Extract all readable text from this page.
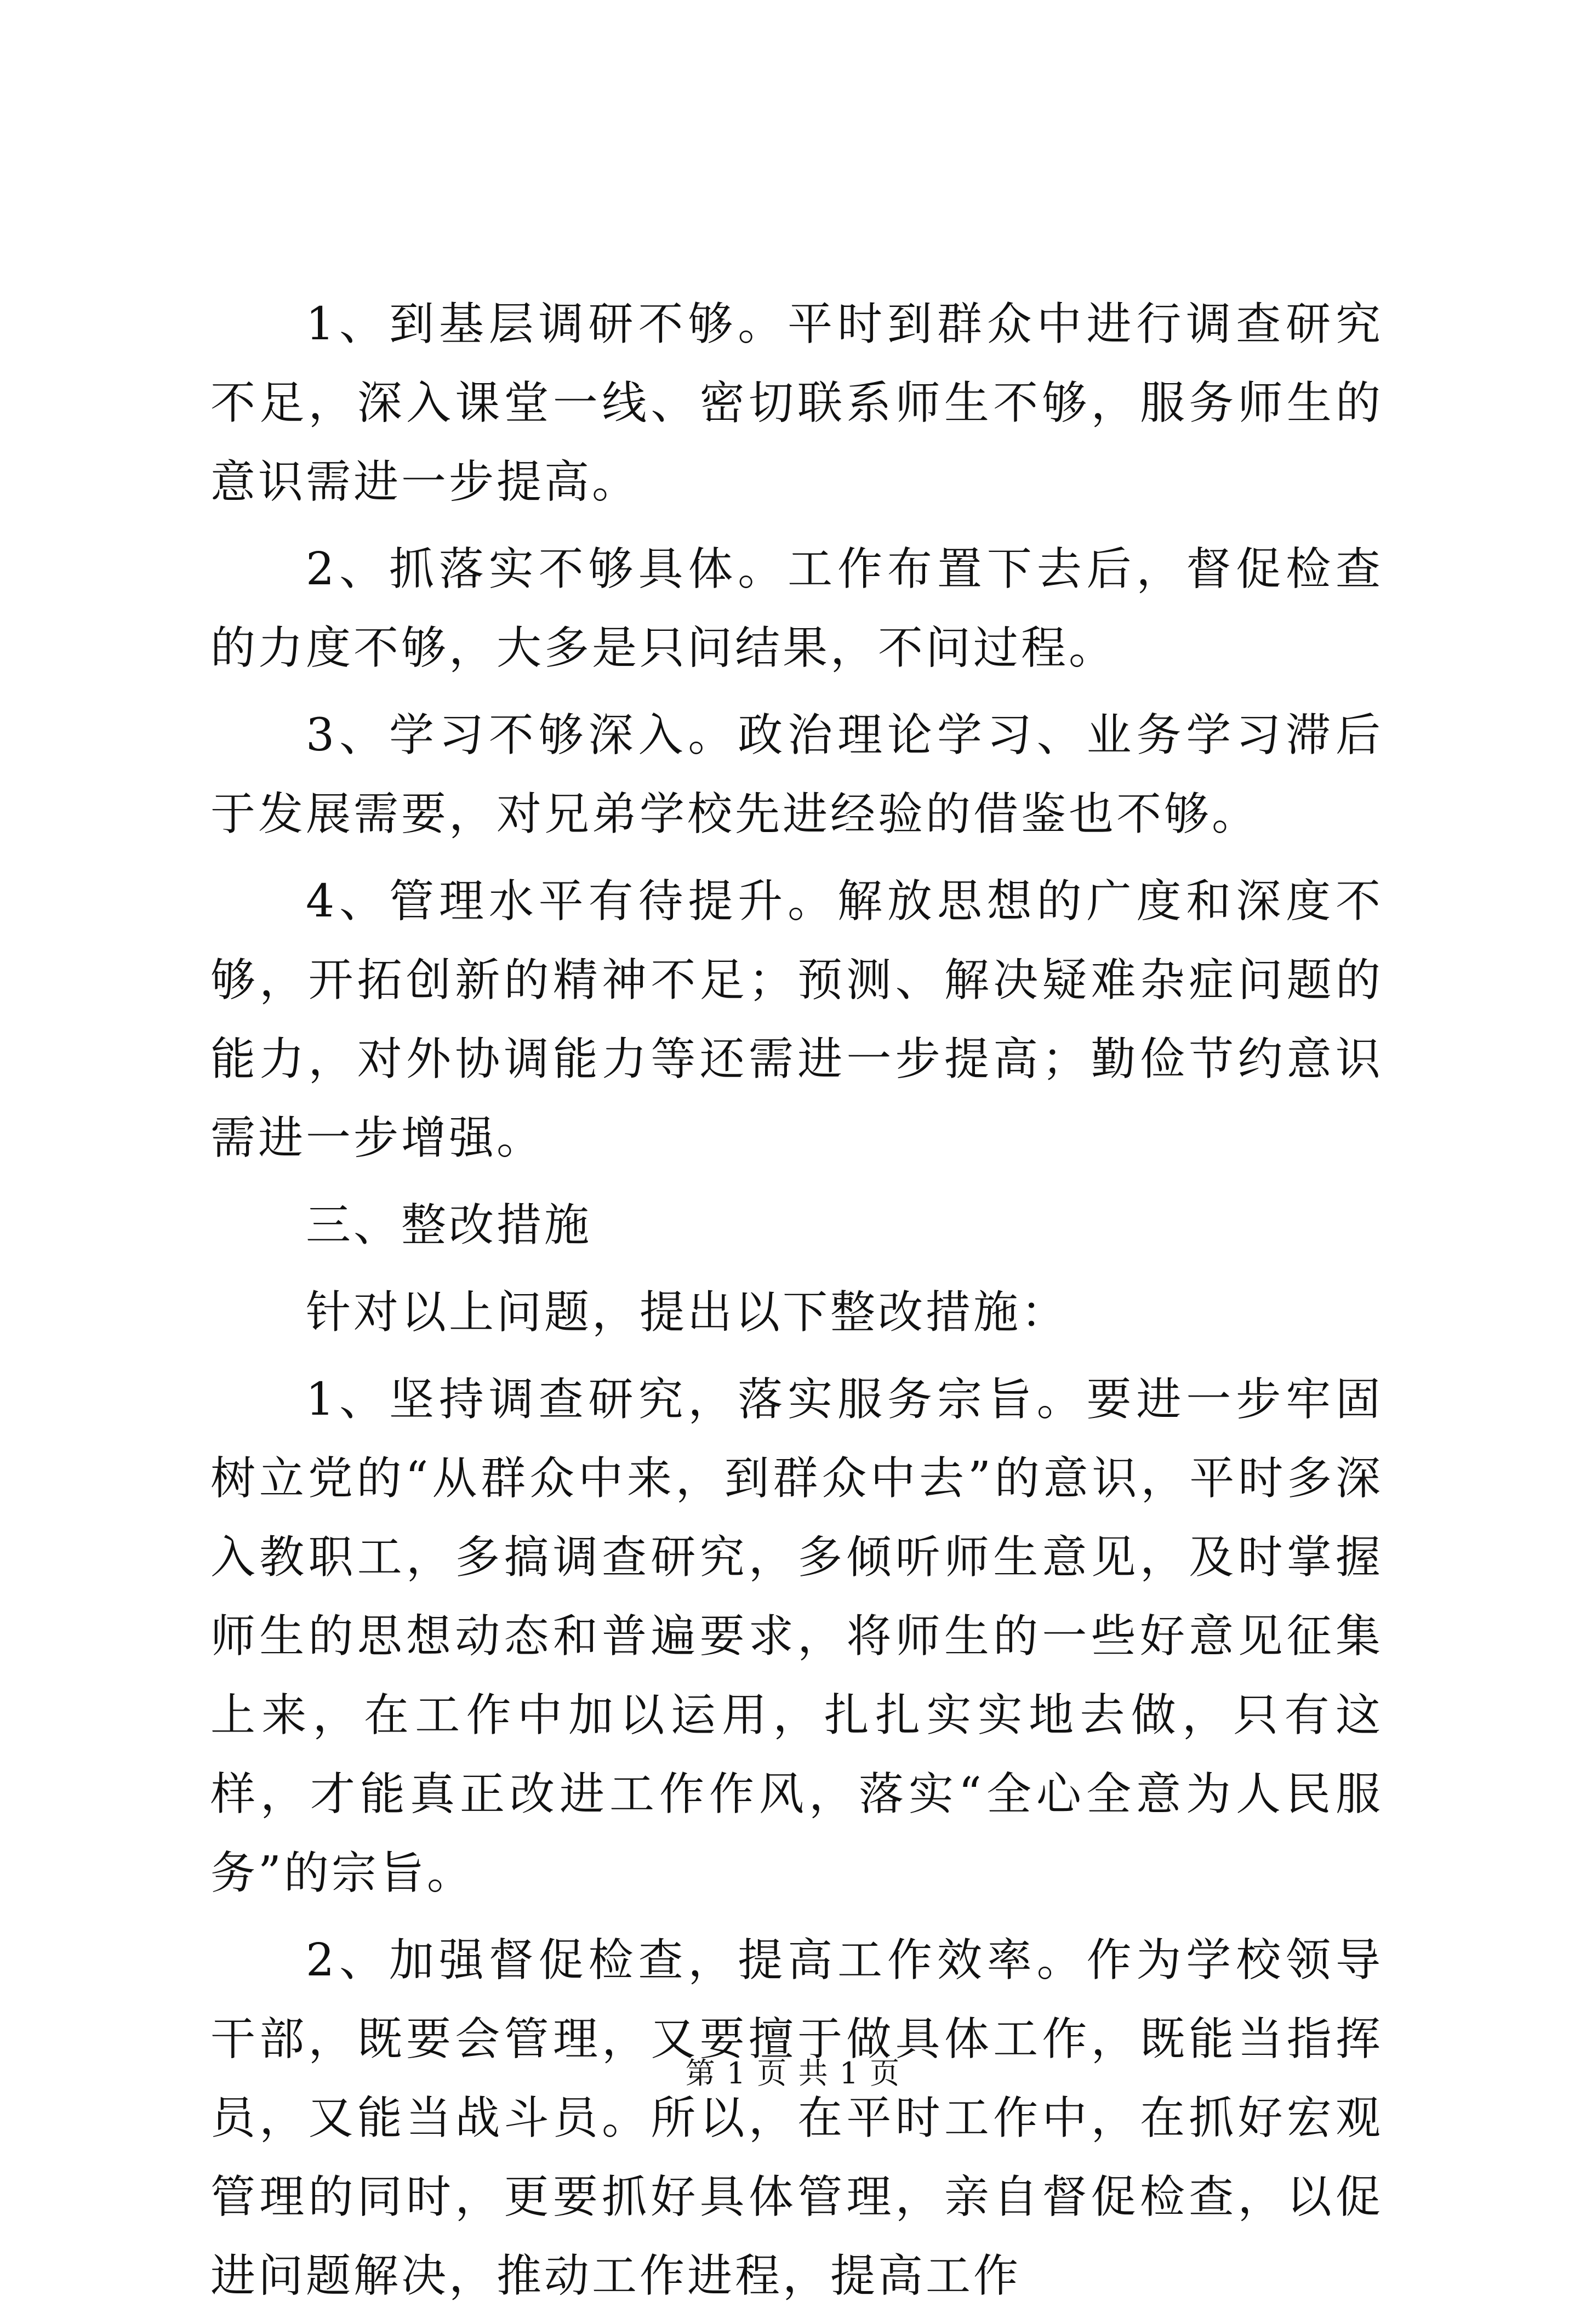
1、到基层调研不够。平时到群众中进行调查研究不足，深入课堂一线、密切联系师生不够，服务师生的意识需进一步提高。

2、抓落实不够具体。工作布置下去后，督促检查的力度不够，大多是只问结果，不问过程。

3、学习不够深入。政治理论学习、业务学习滞后于发展需要，对兄弟学校先进经验的借鉴也不够。

4、管理水平有待提升。解放思想的广度和深度不够，开拓创新的精神不足；预测、解决疑难杂症问题的能力，对外协调能力等还需进一步提高；勤俭节约意识需进一步增强。

三、整改措施

针对以上问题，提出以下整改措施：

1、坚持调查研究，落实服务宗旨。要进一步牢固树立党的“从群众中来，到群众中去”的意识，平时多深入教职工，多搞调查研究，多倾听师生意见，及时掌握师生的思想动态和普遍要求，将师生的一些好意见征集上来，在工作中加以运用，扎扎实实地去做，只有这样，才能真正改进工作作风，落实“全心全意为人民服务”的宗旨。

2、加强督促检查，提高工作效率。作为学校领导干部，既要会管理，又要擅于做具体工作，既能当指挥员，又能当战斗员。所以，在平时工作中，在抓好宏观管理的同时，更要抓好具体管理，亲自督促检查，以促进问题解决，推动工作进程，提高工作

第 1 页 共 1 页
